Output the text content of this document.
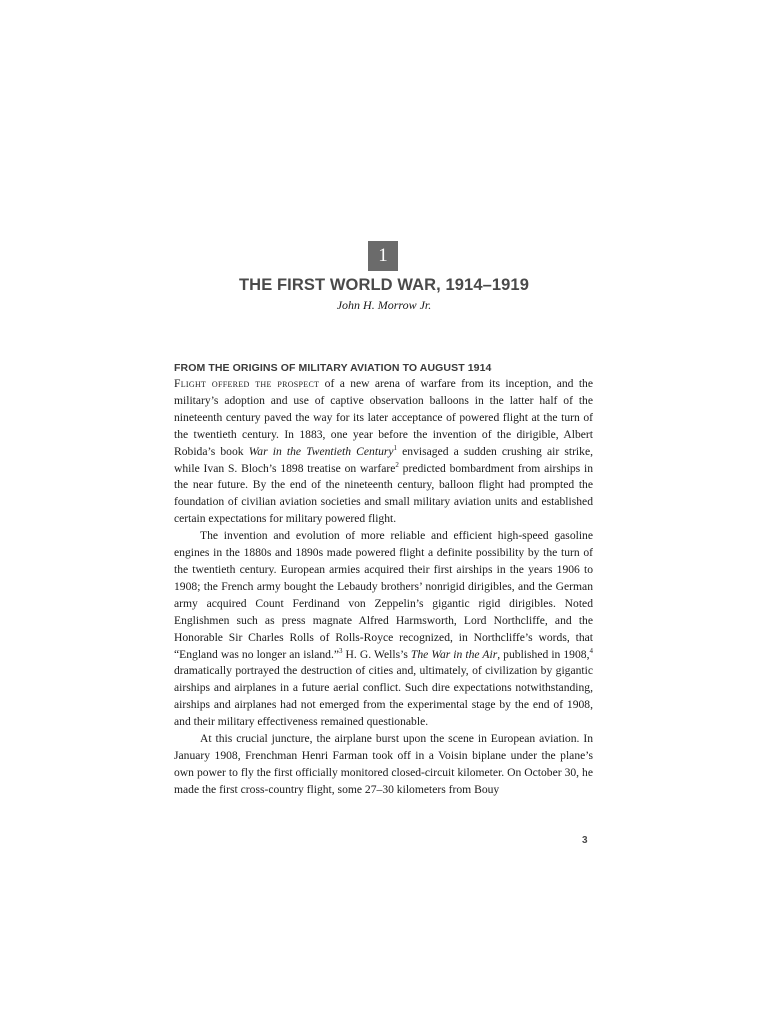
1
THE FIRST WORLD WAR, 1914–1919
John H. Morrow Jr.
FROM THE ORIGINS OF MILITARY AVIATION TO AUGUST 1914

Flight offered the prospect of a new arena of warfare from its inception, and the military’s adoption and use of captive observation balloons in the latter half of the nineteenth century paved the way for its later acceptance of powered flight at the turn of the twentieth century. In 1883, one year before the invention of the dirigible, Albert Robida’s book War in the Twentieth Century$^1$ envisaged a sudden crushing air strike, while Ivan S. Bloch’s 1898 treatise on warfare$^2$ predicted bombardment from airships in the near future. By the end of the nineteenth century, balloon flight had prompted the foundation of civilian aviation societies and small military aviation units and established certain expectations for military powered flight.

The invention and evolution of more reliable and efficient high-speed gasoline engines in the 1880s and 1890s made powered flight a definite possibility by the turn of the twentieth century. European armies acquired their first airships in the years 1906 to 1908; the French army bought the Lebaudy brothers’ nonrigid dirigibles, and the German army acquired Count Ferdinand von Zeppelin’s gigantic rigid dirigibles. Noted Englishmen such as press magnate Alfred Harmsworth, Lord Northcliffe, and the Honorable Sir Charles Rolls of Rolls-Royce recognized, in Northcliffe’s words, that “England was no longer an island.”$^3$ H. G. Wells’s The War in the Air, published in 1908,$^4$ dramatically portrayed the destruction of cities and, ultimately, of civilization by gigantic airships and airplanes in a future aerial conflict. Such dire expectations notwithstanding, airships and airplanes had not emerged from the experimental stage by the end of 1908, and their military effectiveness remained questionable.

At this crucial juncture, the airplane burst upon the scene in European aviation. In January 1908, Frenchman Henri Farman took off in a Voisin biplane under the plane’s own power to fly the first officially monitored closed-circuit kilometer. On October 30, he made the first cross-country flight, some 27–30 kilometers from Bouy

3
